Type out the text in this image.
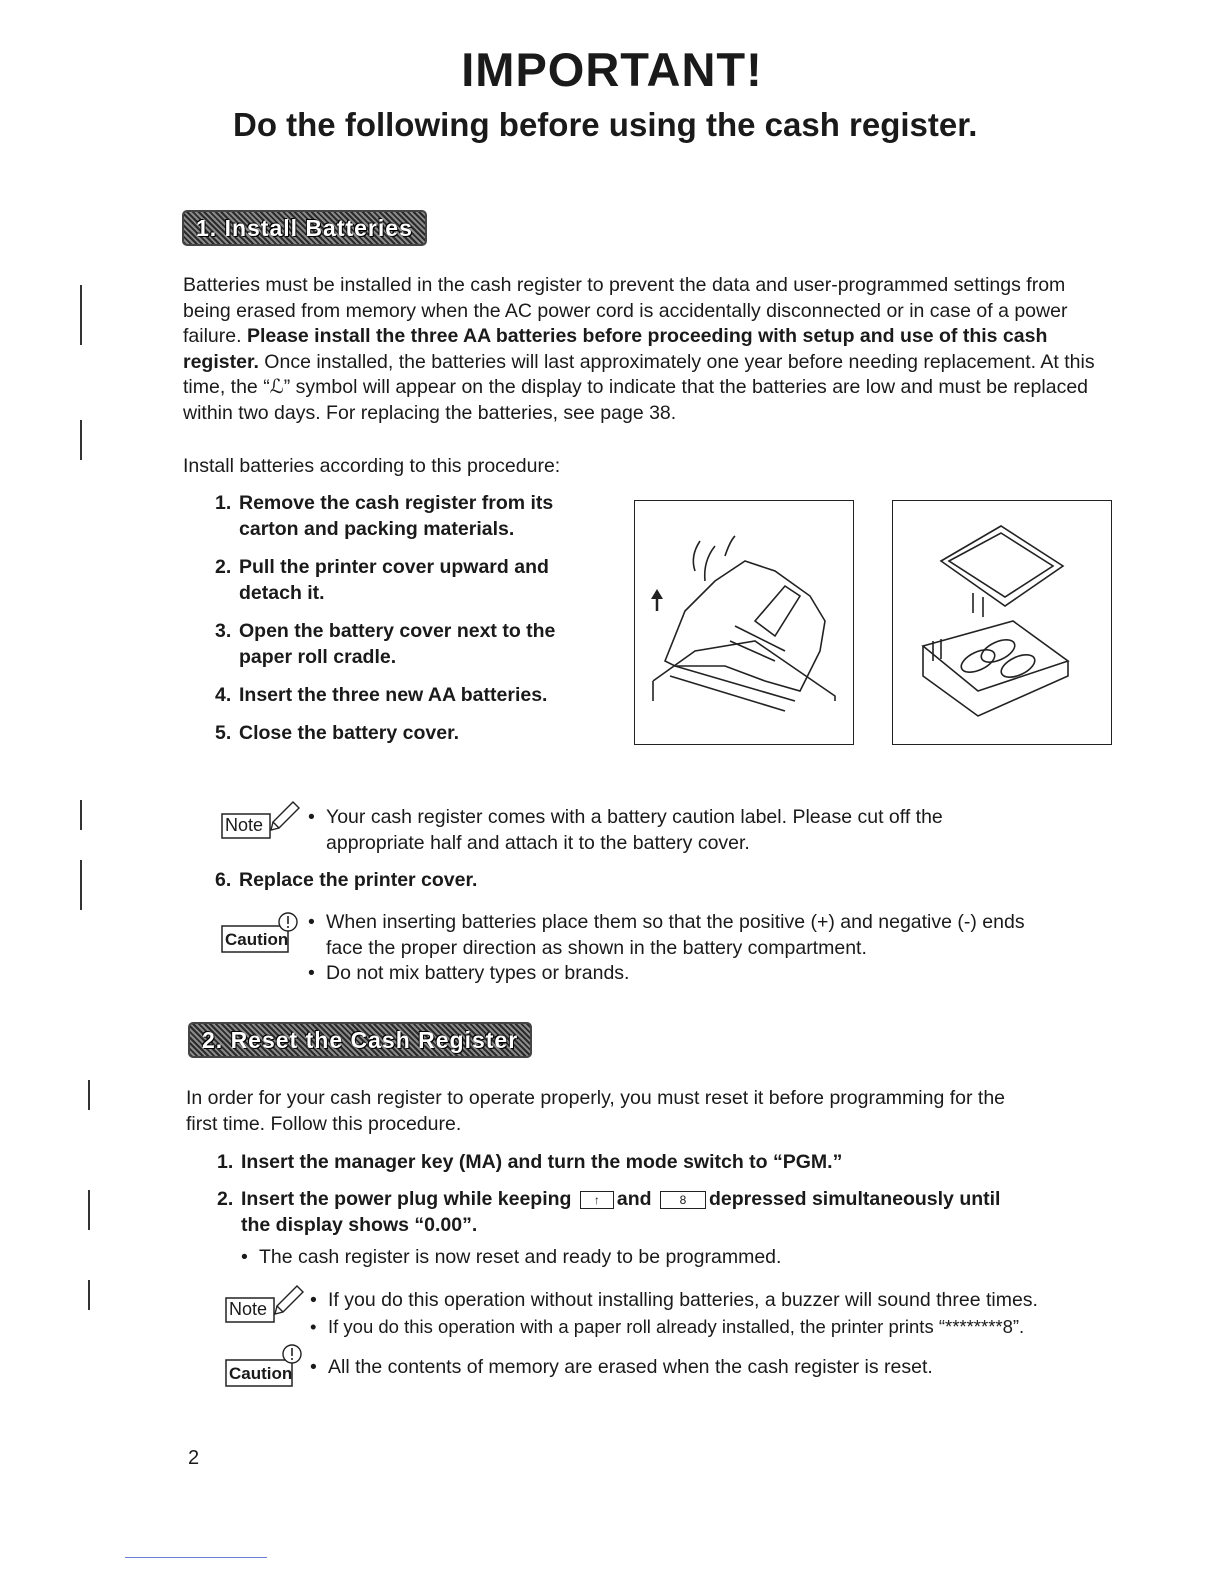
IMPORTANT!
Do the following before using the cash register.
1. Install Batteries
Batteries must be installed in the cash register to prevent the data and user-programmed settings from being erased from memory when the AC power cord is accidentally disconnected or in case of a power failure. Please install the three AA batteries before proceeding with setup and use of this cash register. Once installed, the batteries will last approximately one year before needing replacement. At this time, the “ℒ” symbol will appear on the display to indicate that the batteries are low and must be replaced within two days. For replacing the batteries, see page 38.
Install batteries according to this procedure:
1. Remove the cash register from its
carton and packing materials.
2. Pull the printer cover upward and
detach it.
3. Open the battery cover next to the
paper roll cradle.
4. Insert the three new AA batteries.
5. Close the battery cover.
Note • Your cash register comes with a battery caution label. Please cut off the
appropriate half and attach it to the battery cover.
6. Replace the printer cover.
Caution
• When inserting batteries place them so that the positive (+) and negative (-) ends
face the proper direction as shown in the battery compartment.
• Do not mix battery types or brands.
2. Reset the Cash Register
In order for your cash register to operate properly, you must reset it before programming for the
first time. Follow this procedure.
1. Insert the manager key (MA) and turn the mode switch to “PGM.”
2. Insert the power plug while keeping ↑ and 8 depressed simultaneously until
the display shows “0.00”.
• The cash register is now reset and ready to be programmed.
Note • If you do this operation without installing batteries, a buzzer will sound three times.
• If you do this operation with a paper roll already installed, the printer prints “********8”.
Caution • All the contents of memory are erased when the cash register is reset.
2
